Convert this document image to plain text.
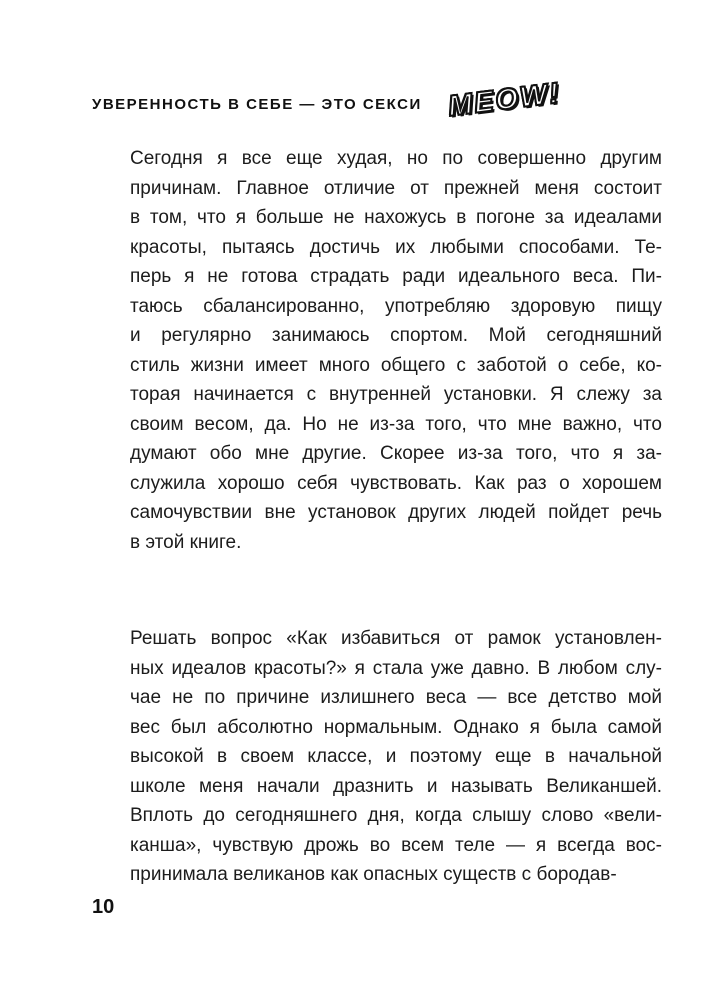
УВЕРЕННОСТЬ В СЕБЕ — ЭТО СЕКСИ MEOW!
Сегодня я все еще худая, но по совершенно другим
причинам. Главное отличие от прежней меня состоит
в том, что я больше не нахожусь в погоне за идеалами
красоты, пытаясь достичь их любыми способами. Те-
перь я не готова страдать ради идеального веса. Пи-
таюсь сбалансированно, употребляю здоровую пищу
и регулярно занимаюсь спортом. Мой сегодняшний
стиль жизни имеет много общего с заботой о себе, ко-
торая начинается с внутренней установки. Я слежу за
своим весом, да. Но не из-за того, что мне важно, что
думают обо мне другие. Скорее из-за того, что я за-
служила хорошо себя чувствовать. Как раз о хорошем
самочувствии вне установок других людей пойдет речь
в этой книге.
Решать вопрос «Как избавиться от рамок установлен-
ных идеалов красоты?» я стала уже давно. В любом слу-
чае не по причине излишнего веса — все детство мой
вес был абсолютно нормальным. Однако я была самой
высокой в своем классе, и поэтому еще в начальной
школе меня начали дразнить и называть Великаншей.
Вплоть до сегодняшнего дня, когда слышу слово «вели-
канша», чувствую дрожь во всем теле — я всегда вос-
принимала великанов как опасных существ с бородав-
10
